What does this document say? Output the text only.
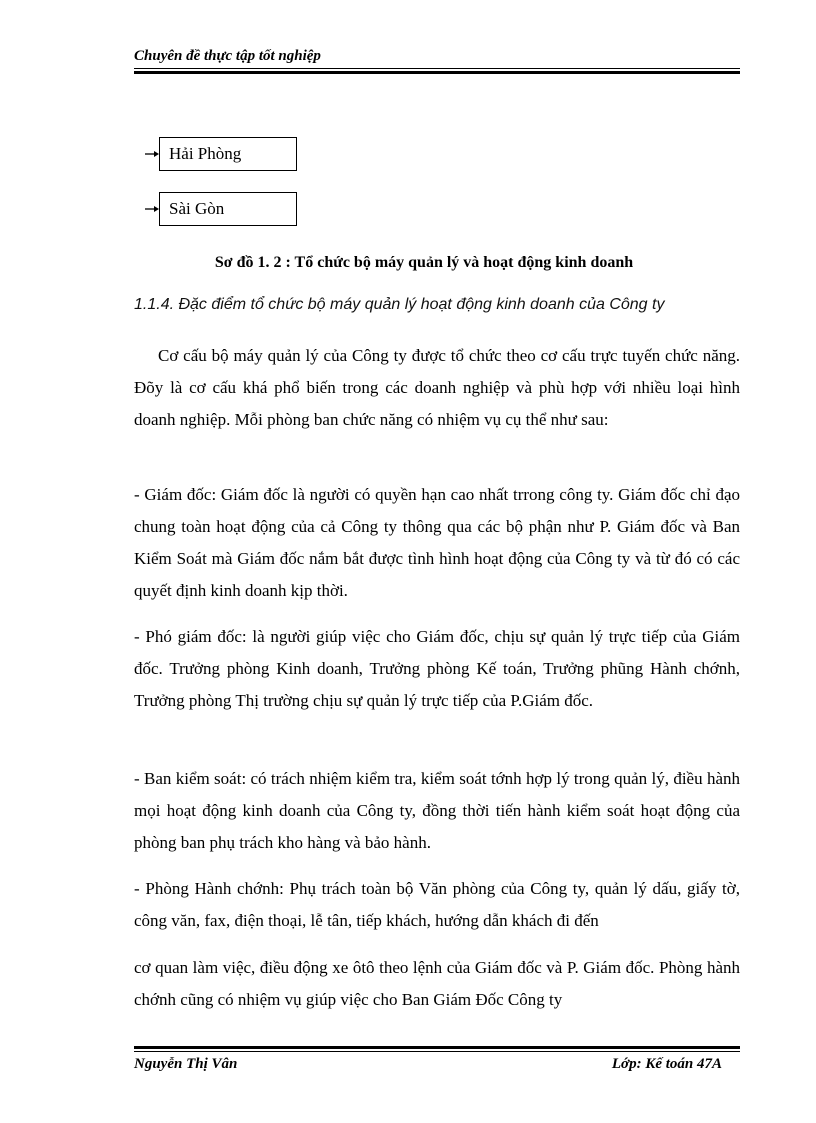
Chuyên đề thực tập tốt nghiệp
Hải Phòng
Sài Gòn
Sơ đồ 1. 2 : Tổ chức bộ máy quản lý và hoạt động kinh doanh
1.1.4. Đặc điểm tổ chức bộ máy quản lý hoạt động kinh doanh của Công ty
Cơ cấu bộ máy quản lý của Công ty được tổ chức theo cơ cấu trực tuyến chức năng. Đõy là cơ cấu khá phổ biến trong các doanh nghiệp và phù hợp với nhiều loại hình doanh nghiệp. Mỗi phòng ban chức năng có nhiệm vụ cụ thể như sau:
- Giám đốc: Giám đốc là người có quyền hạn cao nhất trrong công ty. Giám đốc chỉ đạo chung toàn hoạt động của cả Công ty thông qua các bộ phận như P. Giám đốc và Ban Kiểm Soát mà Giám đốc nắm bắt được tình hình hoạt động của Công ty và từ đó có các quyết định kinh doanh kịp thời.
- Phó giám đốc: là người giúp việc cho Giám đốc, chịu sự quản lý trực tiếp của Giám đốc. Trưởng phòng Kinh doanh, Trưởng phòng Kế toán, Trưởng phũng Hành chớnh, Trưởng phòng Thị trường chịu sự quản lý trực tiếp của P.Giám đốc.
- Ban kiểm soát: có trách nhiệm kiểm tra, kiểm soát tớnh hợp lý trong quản lý, điều hành mọi hoạt động kinh doanh của Công ty, đồng thời tiến hành kiểm soát hoạt động của phòng ban phụ trách kho hàng và bảo hành.
- Phòng Hành chớnh: Phụ trách toàn bộ Văn phòng của Công ty, quản lý dấu, giấy tờ, công văn, fax, điện thoại, lễ tân, tiếp khách, hướng dẫn khách đi đến
cơ quan làm việc, điều động xe ôtô theo lệnh của Giám đốc và P. Giám đốc. Phòng hành chớnh cũng có nhiệm vụ giúp việc cho Ban Giám Đốc Công ty
Nguyễn Thị Vân	Lớp: Kế toán 47A
